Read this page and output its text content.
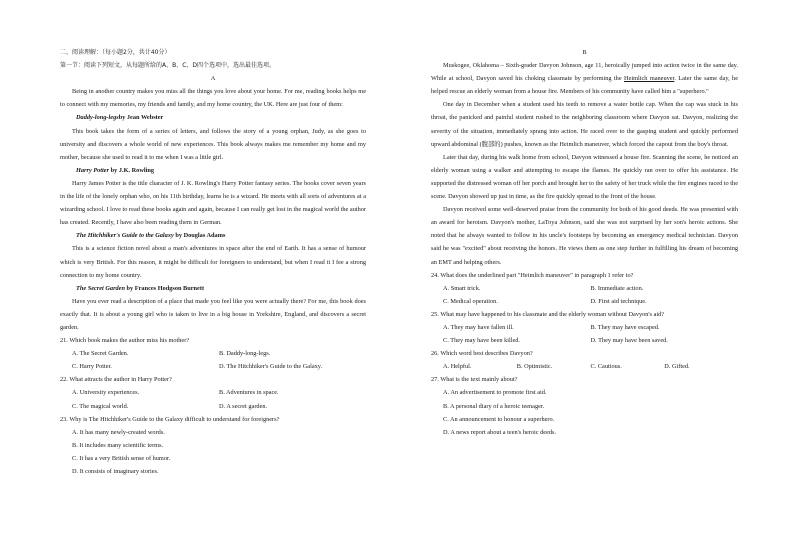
二、阅读理解：（每小题2分，共计40分）

第一节：阅读下列短文，从每题所给的A、B、C、D四个选项中，选出最佳选项。

A

Being in another country makes you miss all the things you love about your home. For me, reading books helps me to connect with my memories, my friends and family, and my home country, the UK. Here are just four of them:

Daddy-long-legsby Jean Webster

This book takes the form of a series of letters, and follows the story of a young orphan, Judy, as she goes to university and discovers a whole world of new experiences. This book always makes me remember my home and my mother, because she used to read it to me when I was a little girl.

Harry Potter by J.K. Rowling

Harry James Potter is the title character of J. K. Rowling's Harry Potter fantasy series. The books cover seven years in the life of the lonely orphan who, on his 11th birthday, learns he is a wizard. He meets with all sorts of adventures at a wizarding school. I love to read these books again and again, because I can really get lost in the magical world the author has created. Recently, I have also been reading them in German.

The Hitchhiker's Guide to the Galaxy by Douglas Adams

This is a science fiction novel about a man's adventures in space after the end of Earth. It has a sense of humour which is very British. For this reason, it might be difficult for foreigners to understand, but when I read it I fee a strong connection to my home country.

The Secret Garden by Frances Hodgson Burnett

Have you ever read a description of a place that made you feel like you were actually there? For me, this book does exactly that. It is about a young girl who is taken to live in a big house in Yorkshire, England, and discovers a secret garden.

21. Which book makes the author miss his mother?

A. The Secret Garden.	B. Daddy-long-legs.
C. Harry Potter.	D. The Hitchhiker's Guide to the Galaxy.

22. What attracts the author in Harry Potter?

A. University experiences.	B. Adventures in space.
C. The magical world.	D. A secret garden.

23. Why is The Hitchhiker's Guide to the Galaxy difficult to understand for foreigners?

A. It has many newly-created words.

B. It includes many scientific terms.

C. It has a very British sense of humor.

D. It consists of imaginary stories.

B

Muskogee, Oklahoma – Sixth-grader Davyon Johnson, age 11, heroically jumped into action twice in the same day. While at school, Davyon saved his choking classmate by performing the Heimlich maneuver. Later the same day, he helped rescue an elderly woman from a house fire. Members of his community have called him a "superhero."

One day in December when a student used his teeth to remove a water bottle cap. When the cap was stuck in his throat, the panicked and painful student rushed to the neighboring classroom where Davyon sat. Davyon, realizing the severity of the situation, immediately sprang into action. He raced over to the gasping student and quickly performed upward abdominal (腹部的) pushes, known as the Heimlich maneuver, which forced the capout from the boy's throat.

Later that day, during his walk home from school, Davyon witnessed a house fire. Scanning the scene, he noticed an elderly woman using a walker and attempting to escape the flames. He quickly ran over to offer his assistance. He supported the distressed woman off her porch and brought her to the safety of her truck while the fire engines raced to the scene. Davyon showed up just in time, as the fire quickly spread to the front of the house.

Davyon received some well-deserved praise from the community for both of his good deeds. He was presented with an award for heroism. Davyon's mother, LaToya Johnson, said she was not surprised by her son's heroic actions. She noted that he always wanted to follow in his uncle's footsteps by becoming an emergency medical technician. Davyon said he was "excited" about receiving the honors. He views them as one step further in fulfilling his dream of becoming an EMT and helping others.

24. What does the underlined part "Heimlich maneuver" in paragraph 1 refer to?

A. Smart trick.	B. Immediate action.
C. Medical operation.	D. First aid technique.

25. What may have happened to his classmate and the elderly woman without Davyon's aid?

A. They may have fallen ill.	B. They may have escaped.
C. They may have been killed.	D. They may have been saved.

26. Which word best describes Davyon?

A. Helpful.	B. Optimistic.	C. Cautious.	D. Gifted.

27. What is the text mainly about?

A. An advertisement to promote first aid.

B. A personal diary of a heroic teenager.

C. An announcement to honour a superhero.

D. A news report about a teen's heroic deeds.
